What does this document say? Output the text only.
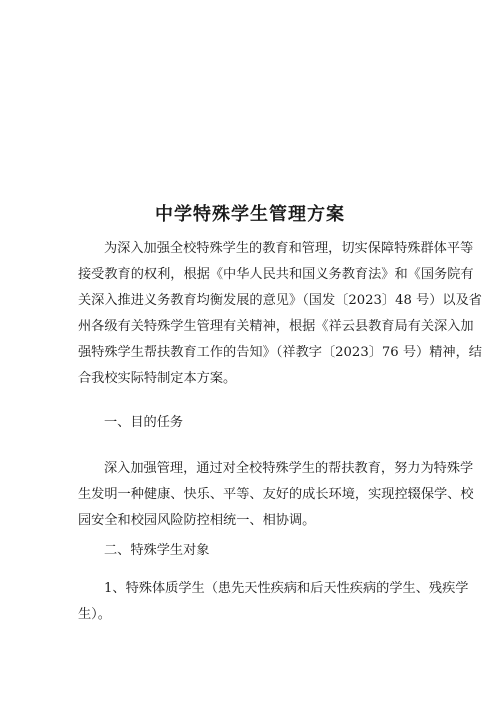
中学特殊学生管理方案
为深入加强全校特殊学生的教育和管理，切实保障特殊群体平等
接受教育的权利，根据《中华人民共和国义务教育法》和《国务院有
关深入推进义务教育均衡发展的意见》（国发〔2023〕48 号）以及省
州各级有关特殊学生管理有关精神，根据《祥云县教育局有关深入加
强特殊学生帮扶教育工作的告知》（祥教字〔2023〕76 号）精神，结
合我校实际特制定本方案。
一、目的任务
深入加强管理，通过对全校特殊学生的帮扶教育，努力为特殊学
生发明一种健康、快乐、平等、友好的成长环境，实现控辍保学、校
园安全和校园风险防控相统一、相协调。
二、特殊学生对象
1、特殊体质学生（患先天性疾病和后天性疾病的学生、残疾学
生）。
